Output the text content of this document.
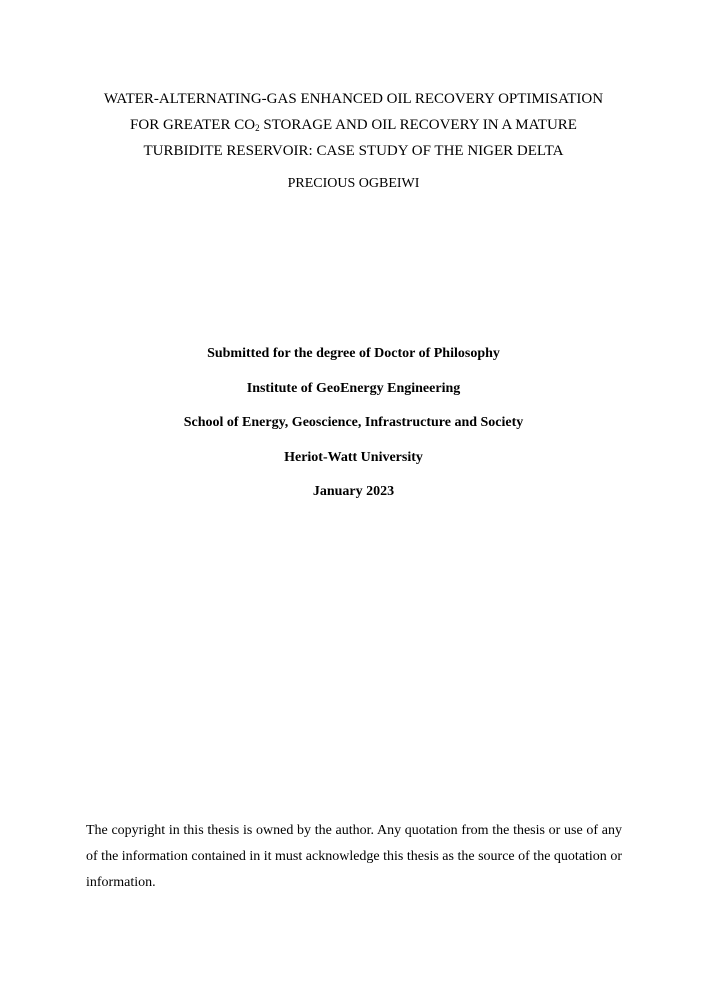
WATER-ALTERNATING-GAS ENHANCED OIL RECOVERY OPTIMISATION
FOR GREATER $CO_2$ STORAGE AND OIL RECOVERY IN A MATURE
TURBIDITE RESERVOIR: CASE STUDY OF THE NIGER DELTA
PRECIOUS OGBEIWI
Submitted for the degree of Doctor of Philosophy
Institute of GeoEnergy Engineering
School of Energy, Geoscience, Infrastructure and Society
Heriot-Watt University
January 2023
The copyright in this thesis is owned by the author. Any quotation from the thesis or use of any of the information contained in it must acknowledge this thesis as the source of the quotation or information.
